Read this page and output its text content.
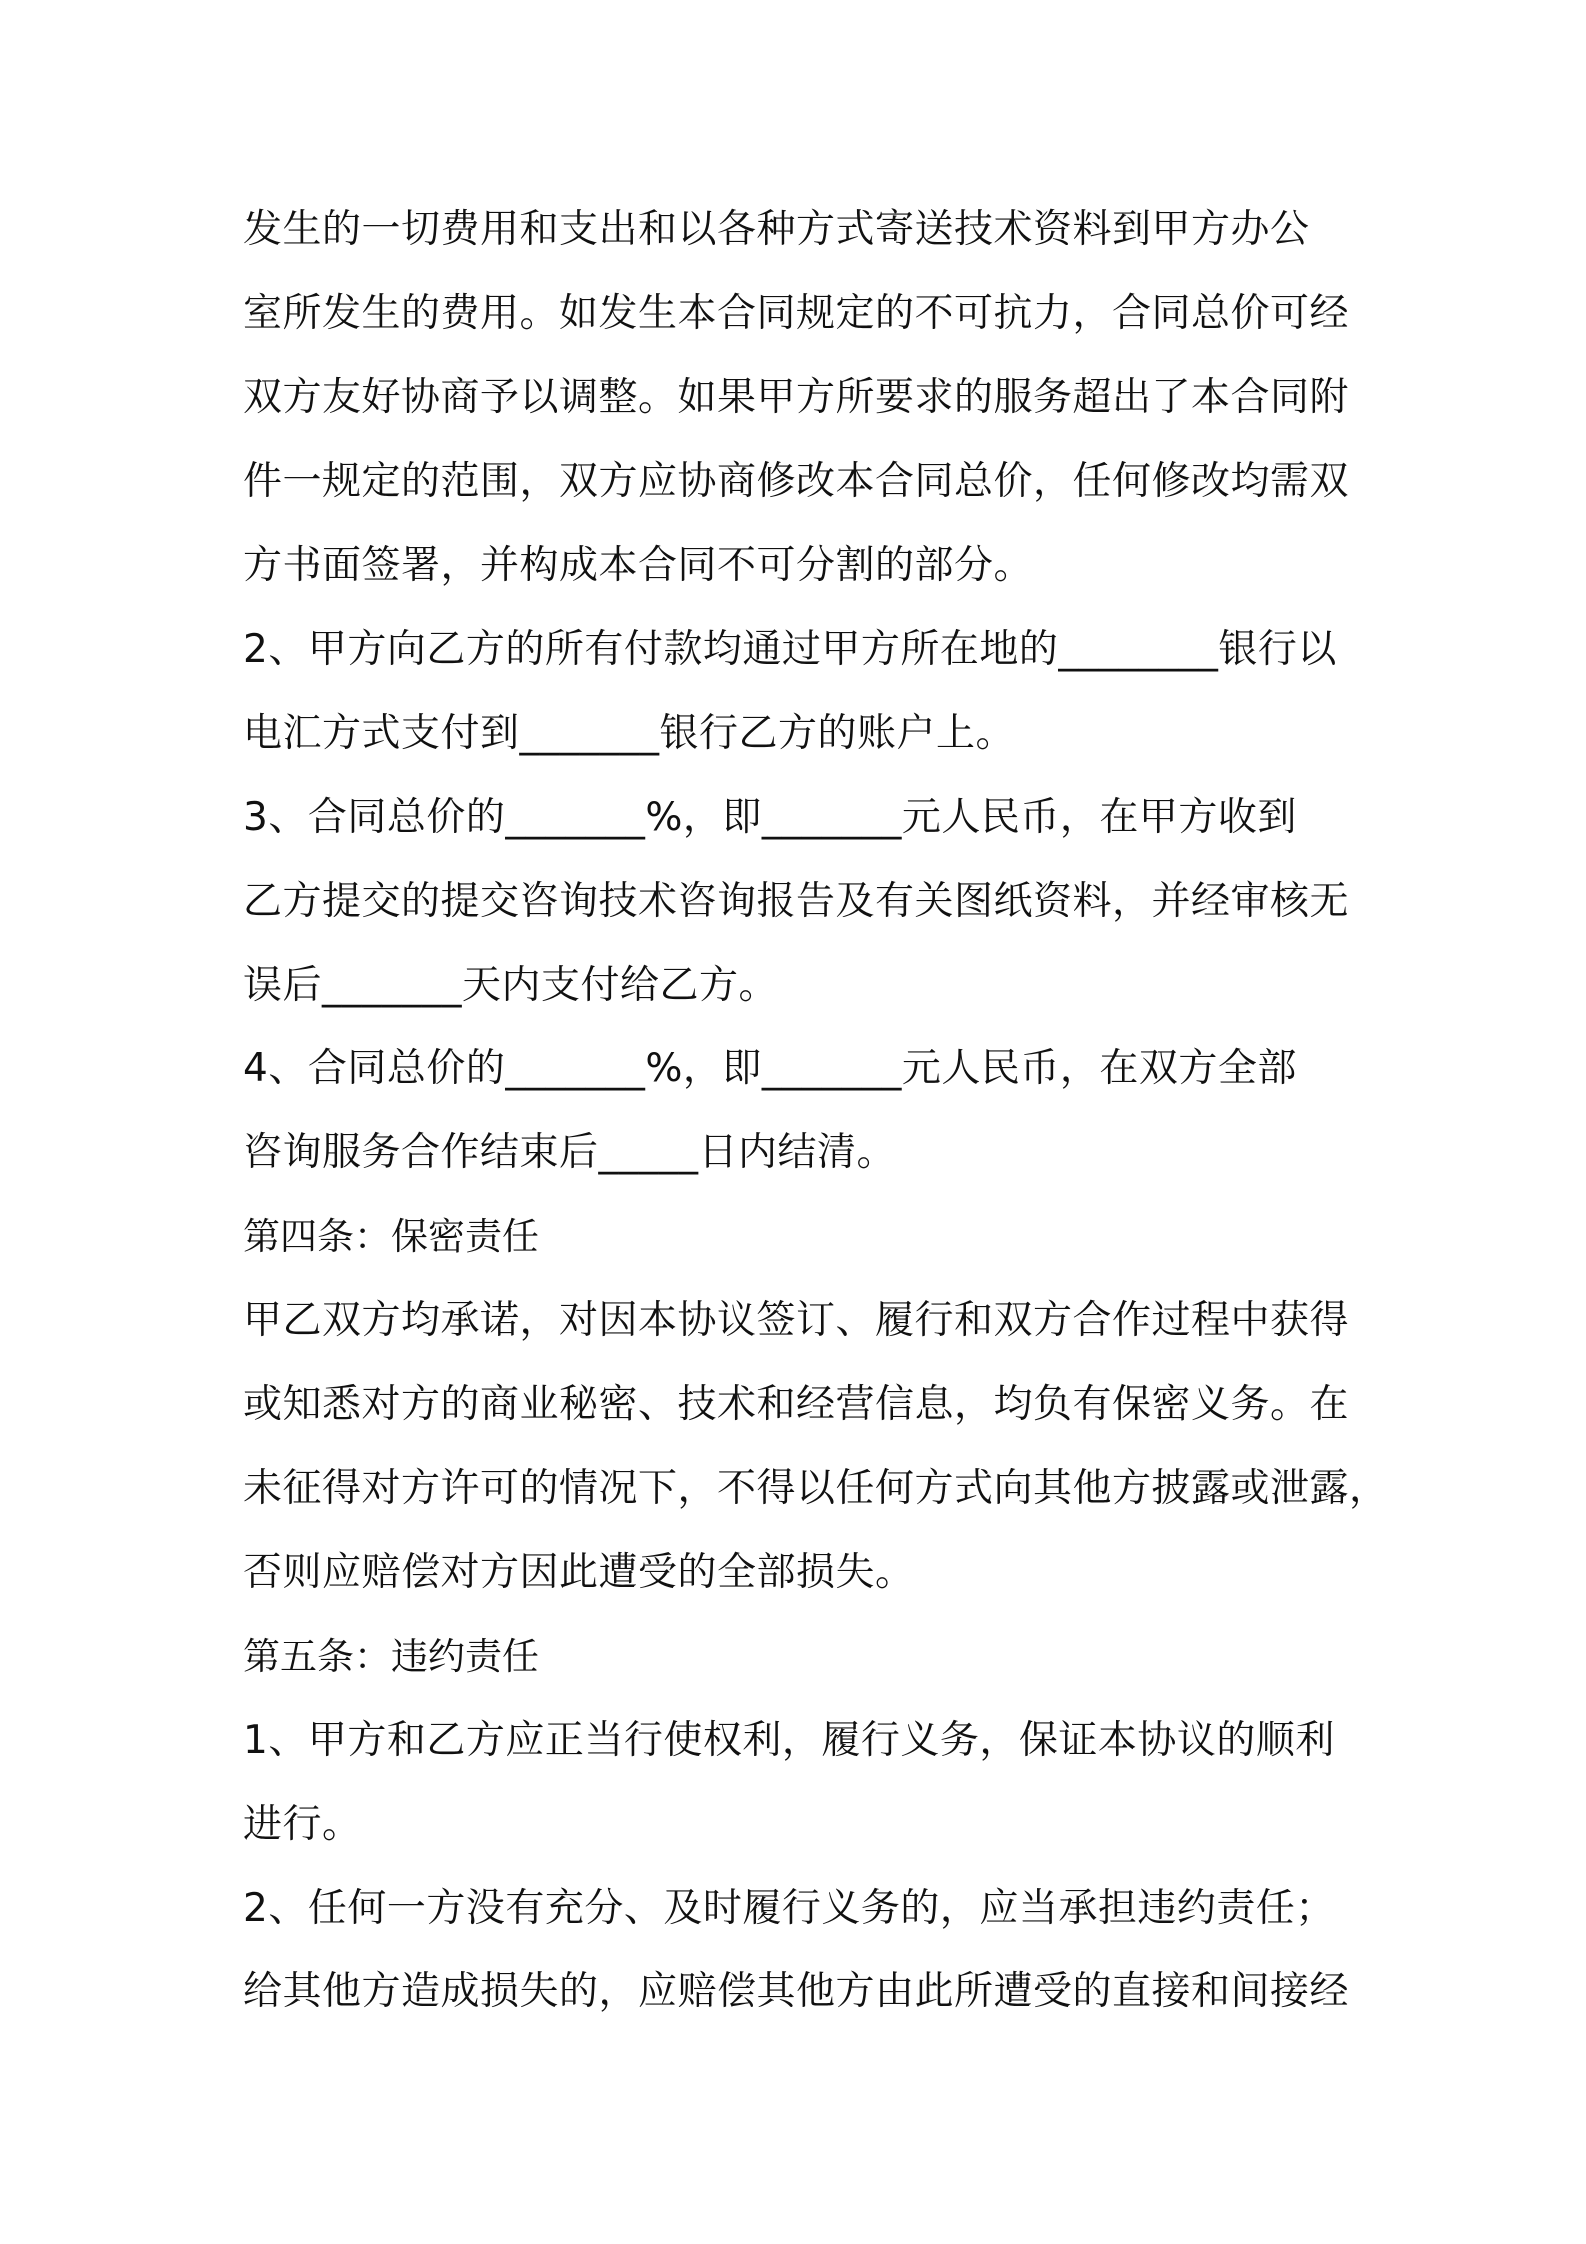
发生的一切费用和支出和以各种方式寄送技术资料到甲方办公

室所发生的费用。如发生本合同规定的不可抗力，合同总价可经

双方友好协商予以调整。如果甲方所要求的服务超出了本合同附

件一规定的范围，双方应协商修改本合同总价，任何修改均需双

方书面签署，并构成本合同不可分割的部分。

2、甲方向乙方的所有付款均通过甲方所在地的________银行以

电汇方式支付到_______银行乙方的账户上。

3、合同总价的_______%，即_______元人民币，在甲方收到

乙方提交的提交咨询技术咨询报告及有关图纸资料，并经审核无

误后_______天内支付给乙方。

4、合同总价的_______%，即_______元人民币，在双方全部

咨询服务合作结束后_____日内结清。

第四条：保密责任

甲乙双方均承诺，对因本协议签订、履行和双方合作过程中获得

或知悉对方的商业秘密、技术和经营信息，均负有保密义务。在

未征得对方许可的情况下，不得以任何方式向其他方披露或泄露，

否则应赔偿对方因此遭受的全部损失。

第五条：违约责任

1、甲方和乙方应正当行使权利，履行义务，保证本协议的顺利

进行。

2、任何一方没有充分、及时履行义务的，应当承担违约责任；

给其他方造成损失的，应赔偿其他方由此所遭受的直接和间接经
